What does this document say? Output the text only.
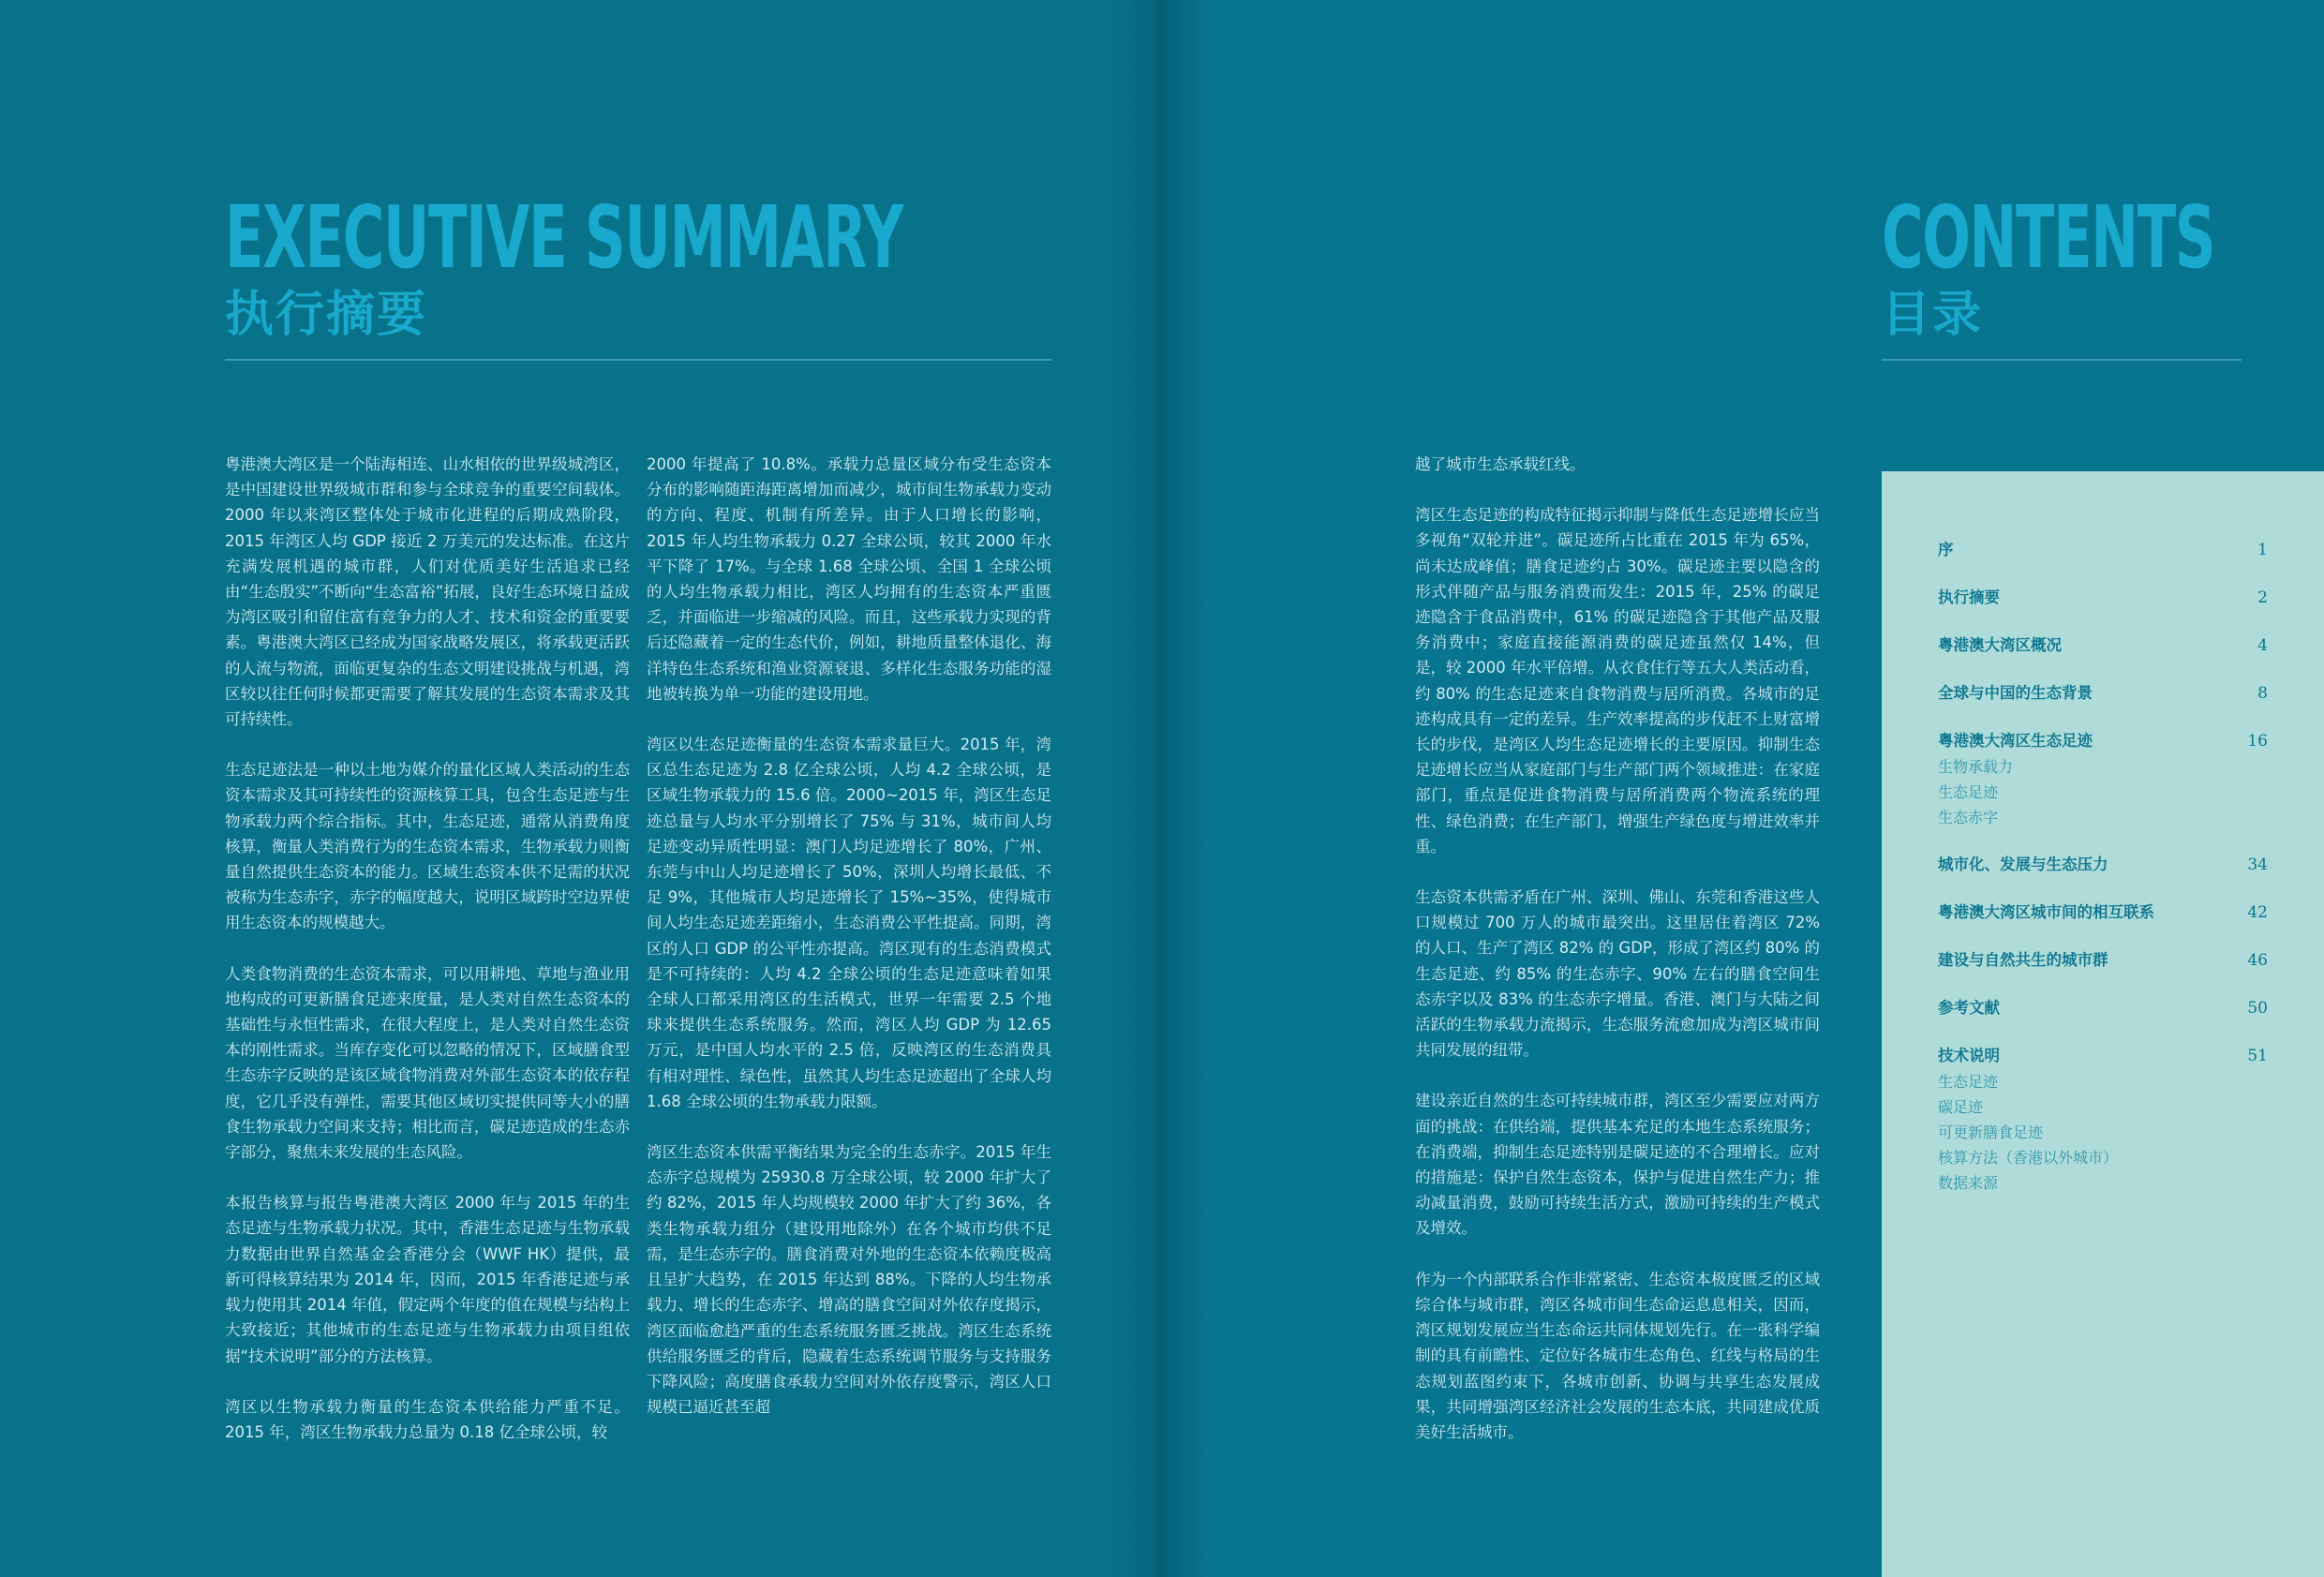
EXECUTIVE SUMMARY
执行摘要

粤港澳大湾区是一个陆海相连、山水相依的世界级城湾区，是中国建设世界级城市群和参与全球竞争的重要空间载体。2000 年以来湾区整体处于城市化进程的后期成熟阶段，2015 年湾区人均 GDP 接近 2 万美元的发达标准。在这片充满发展机遇的城市群，人们对优质美好生活追求已经由“生态殷实”不断向“生态富裕”拓展，良好生态环境日益成为湾区吸引和留住富有竞争力的人才、技术和资金的重要要素。粤港澳大湾区已经成为国家战略发展区，将承载更活跃的人流与物流，面临更复杂的生态文明建设挑战与机遇，湾区较以往任何时候都更需要了解其发展的生态资本需求及其可持续性。

生态足迹法是一种以土地为媒介的量化区域人类活动的生态资本需求及其可持续性的资源核算工具，包含生态足迹与生物承载力两个综合指标。其中，生态足迹，通常从消费角度核算，衡量人类消费行为的生态资本需求，生物承载力则衡量自然提供生态资本的能力。区域生态资本供不足需的状况被称为生态赤字，赤字的幅度越大，说明区域跨时空边界使用生态资本的规模越大。

人类食物消费的生态资本需求，可以用耕地、草地与渔业用地构成的可更新膳食足迹来度量，是人类对自然生态资本的基础性与永恒性需求，在很大程度上，是人类对自然生态资本的刚性需求。当库存变化可以忽略的情况下，区域膳食型生态赤字反映的是该区域食物消费对外部生态资本的依存程度，它几乎没有弹性，需要其他区域切实提供同等大小的膳食生物承载力空间来支持；相比而言，碳足迹造成的生态赤字部分，聚焦未来发展的生态风险。

本报告核算与报告粤港澳大湾区 2000 年与 2015 年的生态足迹与生物承载力状况。其中，香港生态足迹与生物承载力数据由世界自然基金会香港分会（WWF HK）提供，最新可得核算结果为 2014 年，因而，2015 年香港足迹与承载力使用其 2014 年值，假定两个年度的值在规模与结构上大致接近；其他城市的生态足迹与生物承载力由项目组依据“技术说明”部分的方法核算。

湾区以生物承载力衡量的生态资本供给能力严重不足。2015 年，湾区生物承载力总量为 0.18 亿全球公顷，较

2000 年提高了 10.8%。承载力总量区域分布受生态资本分布的影响随距海距离增加而减少，城市间生物承载力变动的方向、程度、机制有所差异。由于人口增长的影响，2015 年人均生物承载力 0.27 全球公顷，较其 2000 年水平下降了 17%。与全球 1.68 全球公顷、全国 1 全球公顷的人均生物承载力相比，湾区人均拥有的生态资本严重匮乏，并面临进一步缩减的风险。而且，这些承载力实现的背后还隐藏着一定的生态代价，例如，耕地质量整体退化、海洋特色生态系统和渔业资源衰退、多样化生态服务功能的湿地被转换为单一功能的建设用地。

湾区以生态足迹衡量的生态资本需求量巨大。2015 年，湾区总生态足迹为 2.8 亿全球公顷，人均 4.2 全球公顷，是区域生物承载力的 15.6 倍。2000~2015 年，湾区生态足迹总量与人均水平分别增长了 75% 与 31%，城市间人均足迹变动异质性明显：澳门人均足迹增长了 80%，广州、东莞与中山人均足迹增长了 50%，深圳人均增长最低、不足 9%，其他城市人均足迹增长了 15%~35%，使得城市间人均生态足迹差距缩小，生态消费公平性提高。同期，湾区的人口 GDP 的公平性亦提高。湾区现有的生态消费模式是不可持续的：人均 4.2 全球公顷的生态足迹意味着如果全球人口都采用湾区的生活模式，世界一年需要 2.5 个地球来提供生态系统服务。然而，湾区人均 GDP 为 12.65 万元，是中国人均水平的 2.5 倍，反映湾区的生态消费具有相对理性、绿色性，虽然其人均生态足迹超出了全球人均 1.68 全球公顷的生物承载力限额。

湾区生态资本供需平衡结果为完全的生态赤字。2015 年生态赤字总规模为 25930.8 万全球公顷，较 2000 年扩大了约 82%，2015 年人均规模较 2000 年扩大了约 36%，各类生物承载力组分（建设用地除外）在各个城市均供不足需，是生态赤字的。膳食消费对外地的生态资本依赖度极高且呈扩大趋势，在 2015 年达到 88%。下降的人均生物承载力、增长的生态赤字、增高的膳食空间对外依存度揭示，湾区面临愈趋严重的生态系统服务匮乏挑战。湾区生态系统供给服务匮乏的背后，隐藏着生态系统调节服务与支持服务下降风险；高度膳食承载力空间对外依存度警示，湾区人口规模已逼近甚至超

越了城市生态承载红线。

湾区生态足迹的构成特征揭示抑制与降低生态足迹增长应当多视角“双轮并进”。碳足迹所占比重在 2015 年为 65%，尚未达成峰值；膳食足迹约占 30%。碳足迹主要以隐含的形式伴随产品与服务消费而发生：2015 年，25% 的碳足迹隐含于食品消费中，61% 的碳足迹隐含于其他产品及服务消费中；家庭直接能源消费的碳足迹虽然仅 14%，但是，较 2000 年水平倍增。从衣食住行等五大人类活动看，约 80% 的生态足迹来自食物消费与居所消费。各城市的足迹构成具有一定的差异。生产效率提高的步伐赶不上财富增长的步伐，是湾区人均生态足迹增长的主要原因。抑制生态足迹增长应当从家庭部门与生产部门两个领域推进：在家庭部门，重点是促进食物消费与居所消费两个物流系统的理性、绿色消费；在生产部门，增强生产绿色度与增进效率并重。

生态资本供需矛盾在广州、深圳、佛山、东莞和香港这些人口规模过 700 万人的城市最突出。这里居住着湾区 72% 的人口、生产了湾区 82% 的 GDP，形成了湾区约 80% 的生态足迹、约 85% 的生态赤字、90% 左右的膳食空间生态赤字以及 83% 的生态赤字增量。香港、澳门与大陆之间活跃的生物承载力流揭示，生态服务流愈加成为湾区城市间共同发展的纽带。

建设亲近自然的生态可持续城市群，湾区至少需要应对两方面的挑战：在供给端，提供基本充足的本地生态系统服务；在消费端，抑制生态足迹特别是碳足迹的不合理增长。应对的措施是：保护自然生态资本，保护与促进自然生产力；推动减量消费，鼓励可持续生活方式，激励可持续的生产模式及增效。

作为一个内部联系合作非常紧密、生态资本极度匮乏的区域综合体与城市群，湾区各城市间生态命运息息相关，因而，湾区规划发展应当生态命运共同体规划先行。在一张科学编制的具有前瞻性、定位好各城市生态角色、红线与格局的生态规划蓝图约束下，各城市创新、协调与共享生态发展成果，共同增强湾区经济社会发展的生态本底，共同建成优质美好生活城市。

CONTENTS
目录
序	1
执行摘要	2
粤港澳大湾区概况	4
全球与中国的生态背景	8
粤港澳大湾区生态足迹	16
生物承载力
生态足迹
生态赤字
城市化、发展与生态压力	34
粤港澳大湾区城市间的相互联系	42
建设与自然共生的城市群	46
参考文献	50
技术说明	51
生态足迹
碳足迹
可更新膳食足迹
核算方法（香港以外城市）
数据来源
